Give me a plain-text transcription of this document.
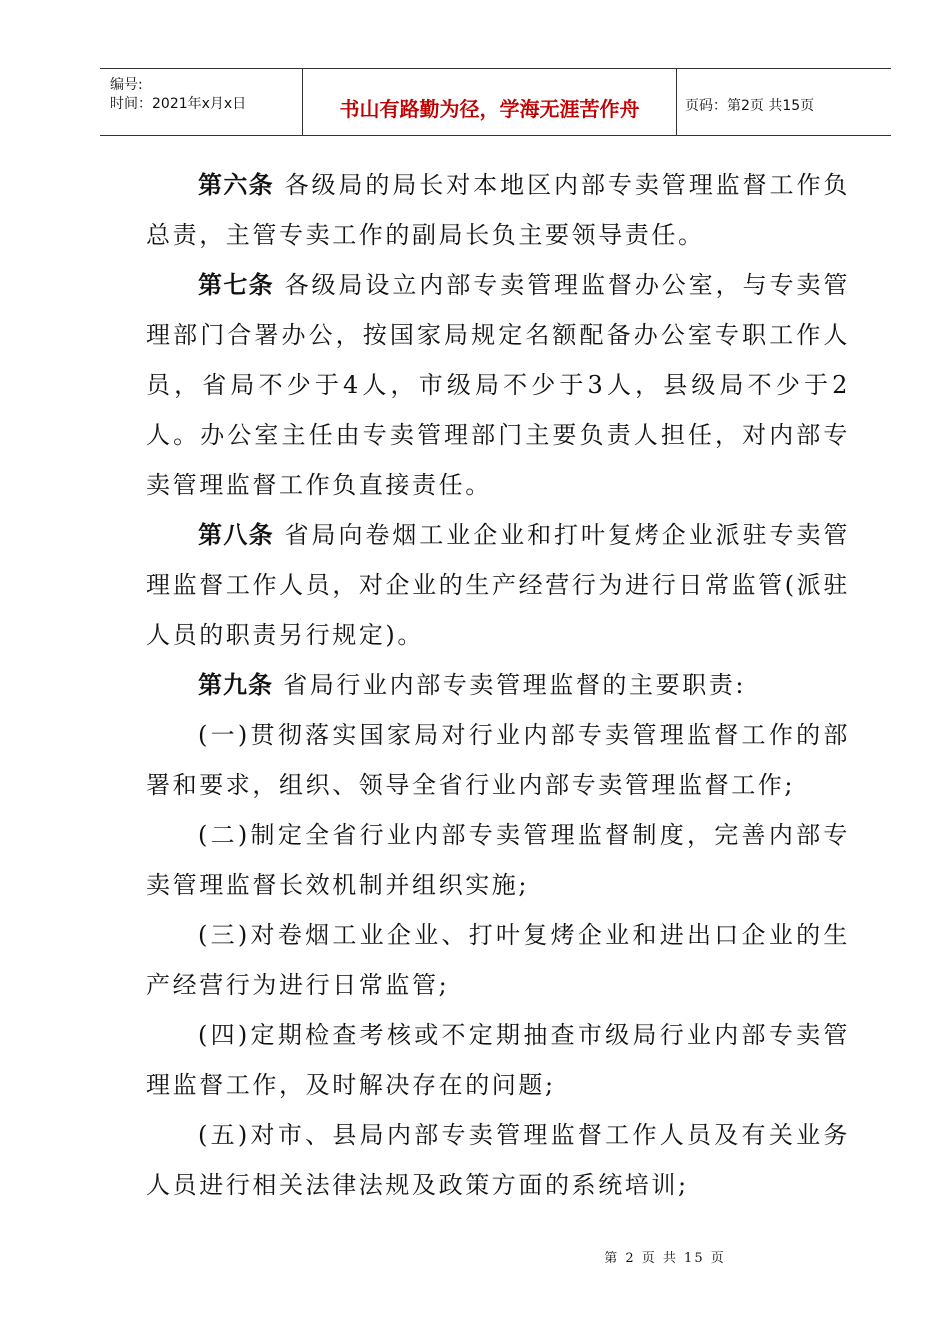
编号:
时间：2021年x月x日	书山有路勤为径，学海无涯苦作舟	页码：第2页 共15页

第六条 各级局的局长对本地区内部专卖管理监督工作负总责，主管专卖工作的副局长负主要领导责任。

第七条 各级局设立内部专卖管理监督办公室，与专卖管理部门合署办公，按国家局规定名额配备办公室专职工作人员，省局不少于4人，市级局不少于3人，县级局不少于2人。办公室主任由专卖管理部门主要负责人担任，对内部专卖管理监督工作负直接责任。

第八条 省局向卷烟工业企业和打叶复烤企业派驻专卖管理监督工作人员，对企业的生产经营行为进行日常监管(派驻人员的职责另行规定)。

第九条 省局行业内部专卖管理监督的主要职责:

(一)贯彻落实国家局对行业内部专卖管理监督工作的部署和要求，组织、领导全省行业内部专卖管理监督工作;

(二)制定全省行业内部专卖管理监督制度，完善内部专卖管理监督长效机制并组织实施;

(三)对卷烟工业企业、打叶复烤企业和进出口企业的生产经营行为进行日常监管;

(四)定期检查考核或不定期抽查市级局行业内部专卖管理监督工作，及时解决存在的问题;

(五)对市、县局内部专卖管理监督工作人员及有关业务人员进行相关法律法规及政策方面的系统培训;

第 2 页 共 15 页
